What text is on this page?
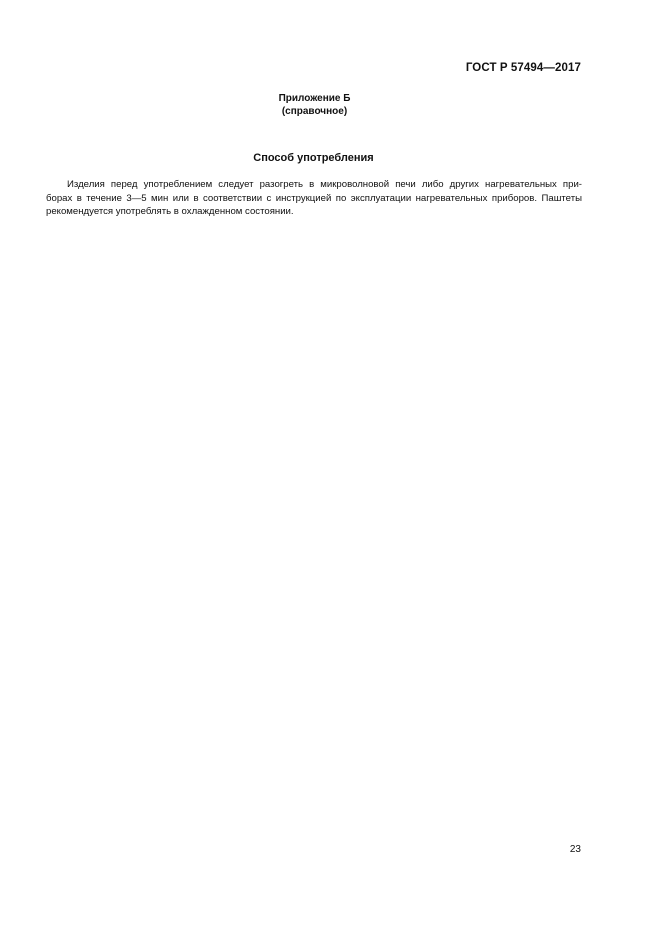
ГОСТ Р 57494—2017
Приложение Б
(справочное)
Способ употребления
Изделия перед употреблением следует разогреть в микроволновой печи либо других нагревательных при-
борах в течение 3—5 мин или в соответствии с инструкцией по эксплуатации нагревательных приборов. Паштеты
рекомендуется употреблять в охлажденном состоянии.
23
